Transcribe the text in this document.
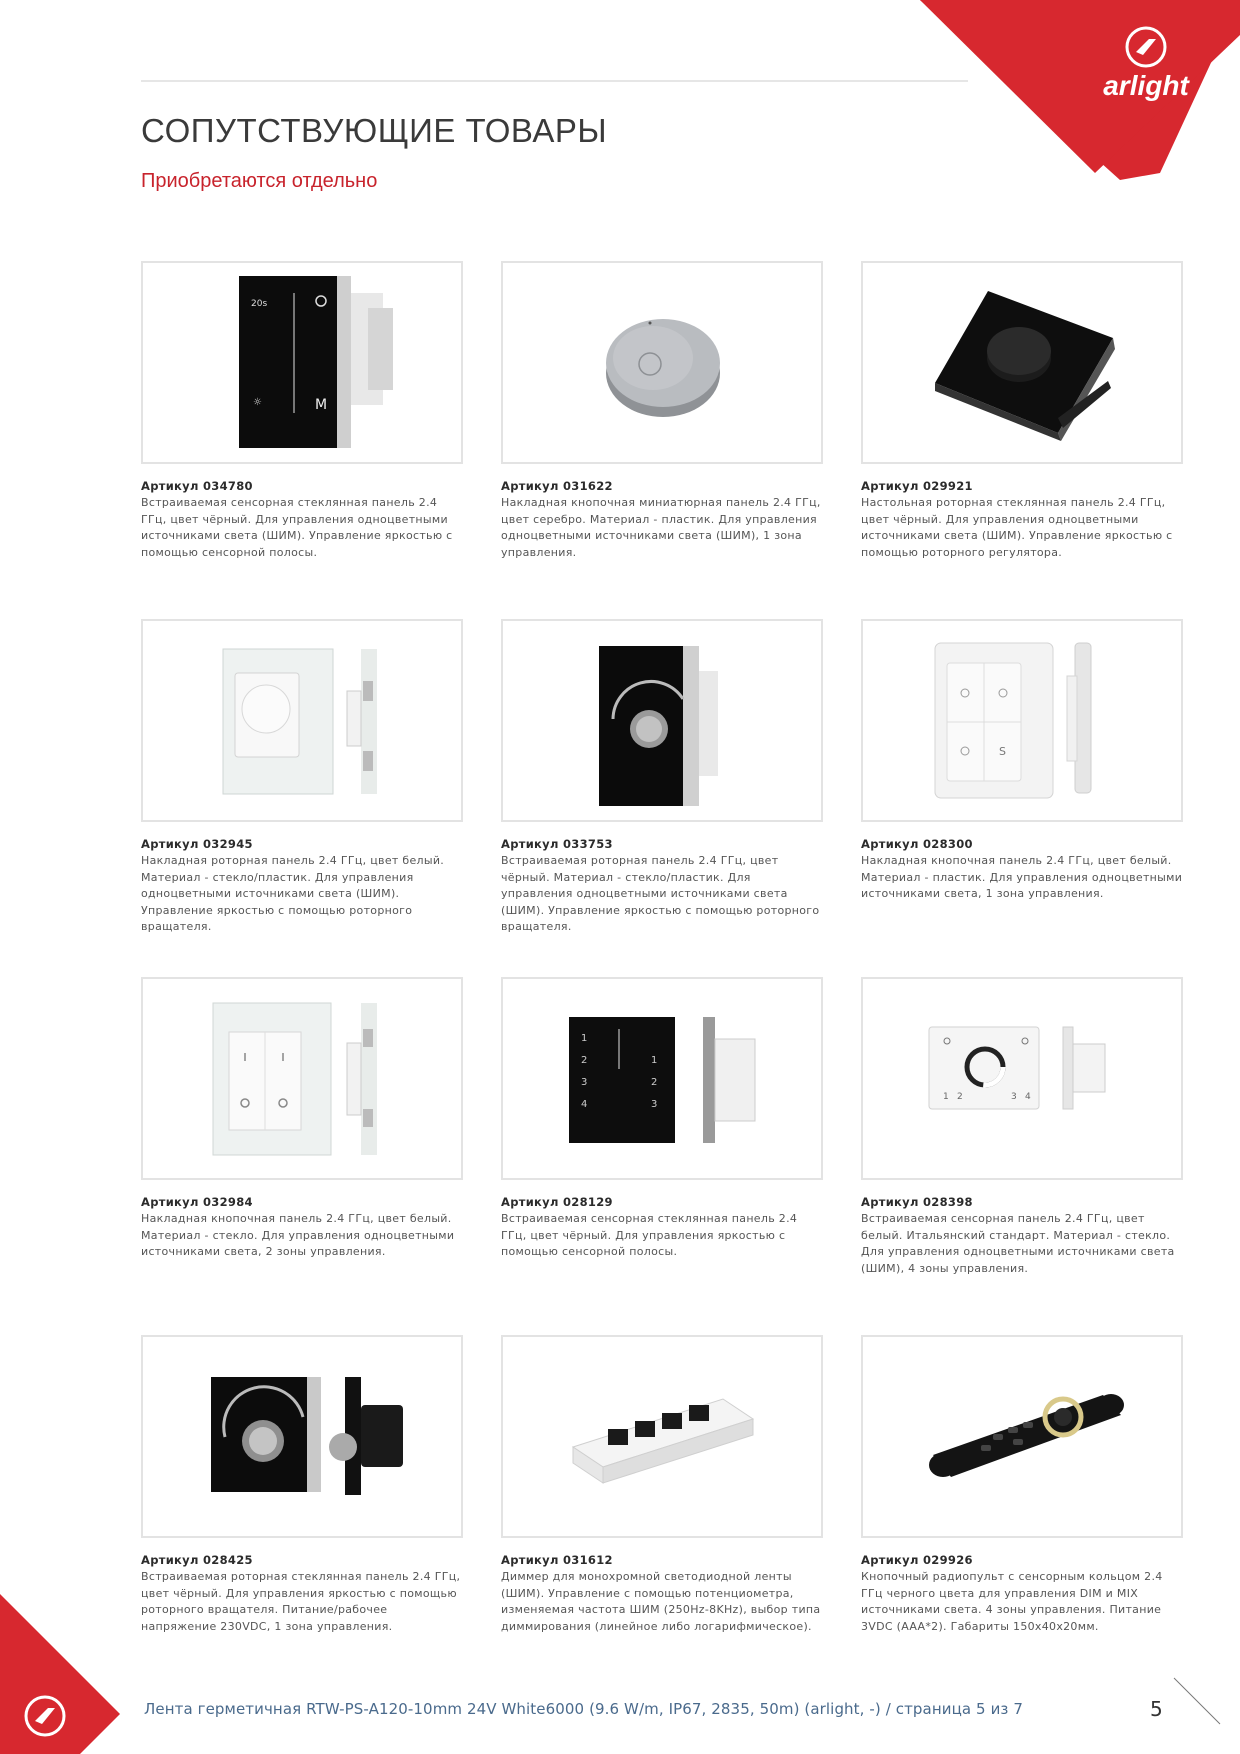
arlight
СОПУТСТВУЮЩИЕ ТОВАРЫ
Приобретаются отдельно
20s
☼	M
Артикул 034780
Встраиваемая сенсорная стеклянная панель 2.4 ГГц, цвет чёрный. Для управления одноцветными источниками света (ШИМ). Управление яркостью с помощью сенсорной полосы.
Артикул 031622
Накладная кнопочная миниатюрная панель 2.4 ГГц, цвет серебро. Материал - пластик. Для управления одноцветными источниками света (ШИМ), 1 зона управления.
Артикул 029921
Настольная роторная стеклянная панель 2.4 ГГц, цвет чёрный. Для управления одноцветными источниками света (ШИМ). Управление яркостью с помощью роторного регулятора.
Артикул 032945
Накладная роторная панель 2.4 ГГц, цвет белый. Материал - стекло/пластик. Для управления одноцветными источниками света (ШИМ). Управление яркостью с помощью роторного вращателя.
Артикул 033753
Встраиваемая роторная панель 2.4 ГГц, цвет чёрный. Материал - стекло/пластик. Для управления одноцветными источниками света (ШИМ). Управление яркостью с помощью роторного вращателя.
S
Артикул 028300
Накладная кнопочная панель 2.4 ГГц, цвет белый. Материал - пластик. Для управления одноцветными источниками света, 1 зона управления.
Артикул 032984
Накладная кнопочная панель 2.4 ГГц, цвет белый. Материал - стекло. Для управления одноцветными источниками света, 2 зоны управления.
1
2
3
4
1
2
3
Артикул 028129
Встраиваемая сенсорная стеклянная панель 2.4 ГГц, цвет чёрный. Для управления яркостью с помощью сенсорной полосы.
1 2	3 4
Артикул 028398
Встраиваемая сенсорная панель 2.4 ГГц, цвет белый. Итальянский стандарт. Материал - стекло. Для управления одноцветными источниками света (ШИМ), 4 зоны управления.
Артикул 028425
Встраиваемая роторная стеклянная панель 2.4 ГГц, цвет чёрный. Для управления яркостью с помощью роторного вращателя. Питание/рабочее напряжение 230VDC, 1 зона управления.
Артикул 031612
Диммер для монохромной светодиодной ленты (ШИМ). Управление с помощью потенциометра, изменяемая частота ШИМ (250Hz-8KHz), выбор типа диммирования (линейное либо логарифмическое).
Артикул 029926
Кнопочный радиопульт с сенсорным кольцом 2.4 ГГц черного цвета для управления DIM и MIX источниками света. 4 зоны управления. Питание 3VDC (AAA*2). Габариты 150x40x20мм.
Лента герметичная RTW-PS-A120-10mm 24V White6000 (9.6 W/m, IP67, 2835, 50m) (arlight, -) / страница 5 из 7	5
